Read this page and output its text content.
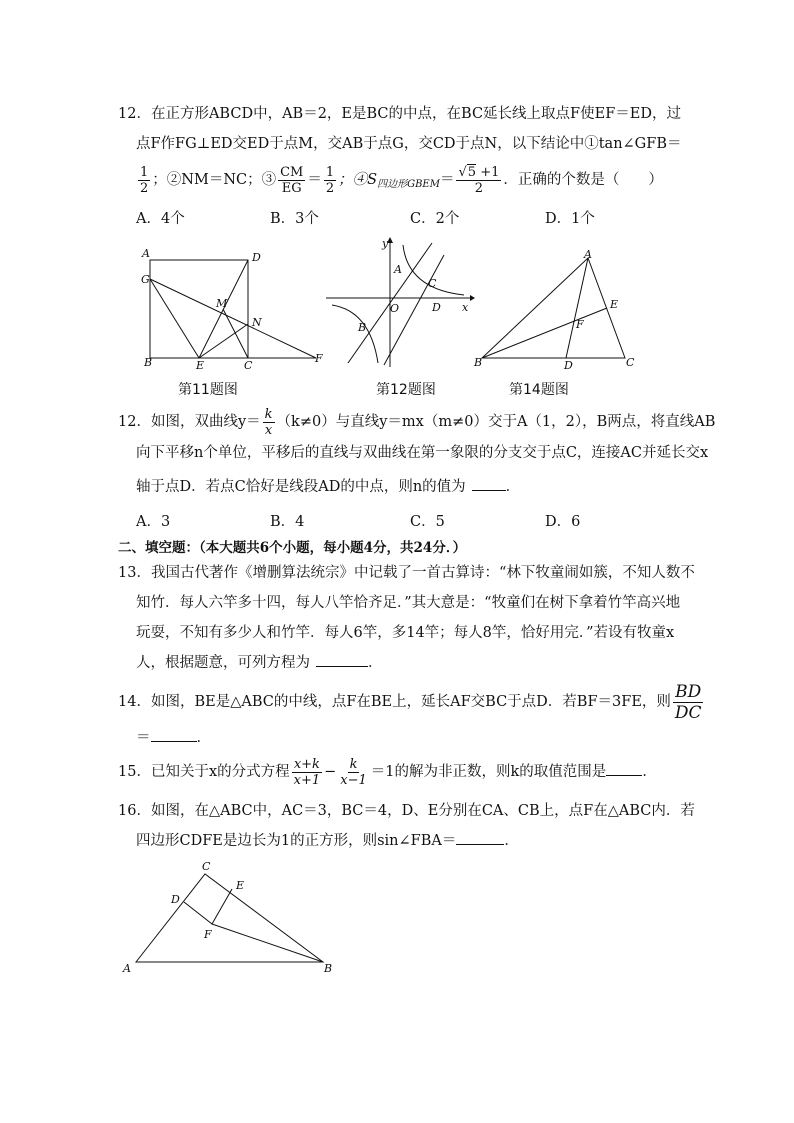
12．在正方形ABCD中，AB＝2，E是BC的中点，在BC延长线上取点F使EF＝ED，过
点F作FG⊥ED交ED于点M，交AB于点G，交CD于点N，以下结论中①tan∠GFB＝
$\frac{1}{2}$ ；②NM＝NC；③ $\frac{CM}{EG} = \frac{1}{2}$ ；$④S_{四边形GBEM}= \frac{√5 +1}{2}$ ．正确的个数是（　　）
A．4个	B．3个	C．2个	D．1个
A	D
G
M
N
B	E	C
F
y
A
C
O	D x
B
A
E
F
B	D	C
第11题图	第12题图	第14题图
12．如图，双曲线$y= \frac{k}{x} (k\ne 0)$与直线y＝mx（m≠0）交于A（1，2），B两点，将直线AB
向下平移n个单位，平移后的直线与双曲线在第一象限的分支交于点C，连接AC并延长交x
轴于点D．若点C恰好是线段AD的中点，则n的值为	．
A．3	B．4	C．5	D．6
二、填空题：（本大题共6个小题，每小题4分，共24分．）
13．我国古代著作《增删算法统宗》中记载了一首古算诗：“林下牧童闹如簇，不知人数不
知竹．每人六竿多十四，每人八竿恰齐足．”其大意是：“牧童们在树下拿着竹竿高兴地
玩耍，不知有多少人和竹竿．每人6竿，多14竿；每人8竿，恰好用完．”若设有牧童x
人，根据题意，可列方程为	．
14．如图，BE是△ABC的中线，点F在BE上，延长AF交BC于点D．若BF＝3FE，则 $\frac{BD}{DC}$
＝	．
15．已知关于x的分式方程 $\frac{x+k}{x+1} - \frac{k}{x-1} =1$的解为非正数，则k的取值范围是 ．
16．如图，在△ABC中，AC＝3，BC＝4，D、E分别在CA、CB上，点F在△ABC内．若
四边形CDFE是边长为1的正方形，则sin∠FBA＝	．
C
E
D
F
A	B
